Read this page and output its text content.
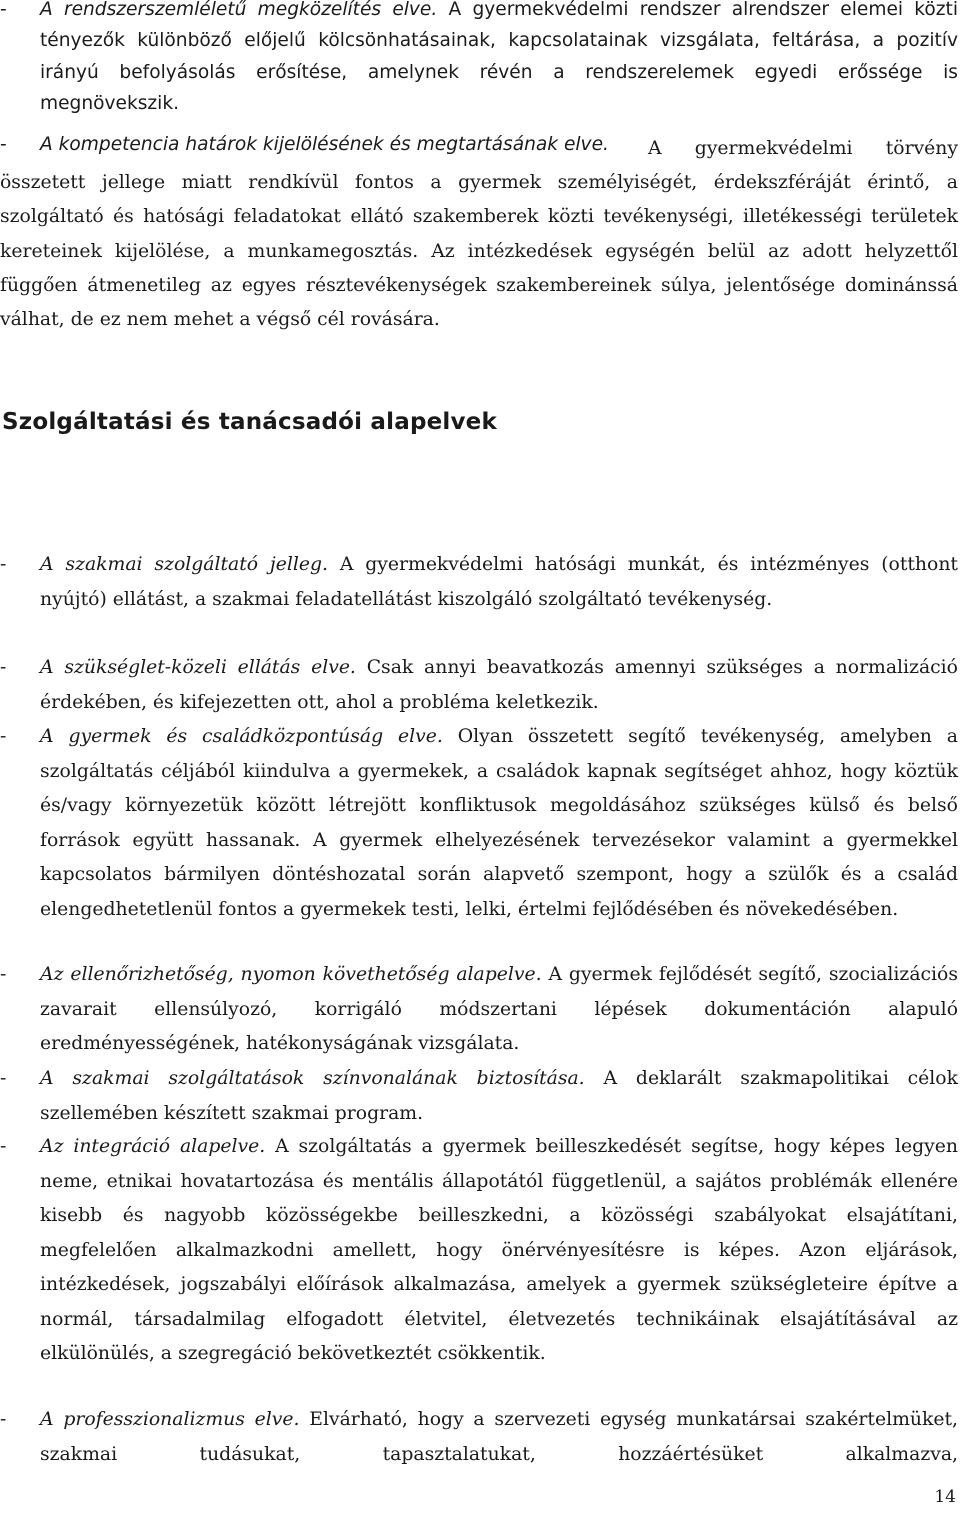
-	A rendszerszemléletű megközelítés elve. A gyermekvédelmi rendszer alrendszer elemei közti tényezők különböző előjelű kölcsönhatásainak, kapcsolatainak vizsgálata, feltárása, a pozitív irányú befolyásolás erősítése, amelynek révén a rendszerelemek egyedi erőssége is megnövekszik.

-	A kompetencia határok kijelölésének és megtartásának elve.	A gyermekvédelmi törvény összetett jellege miatt rendkívül fontos a gyermek személyiségét, érdekszféráját érintő, a szolgáltató és hatósági feladatokat ellátó szakemberek közti tevékenységi, illetékességi területek kereteinek kijelölése, a munkamegosztás. Az intézkedések egységén belül az adott helyzettől függően átmenetileg az egyes résztevékenységek szakembereinek súlya, jelentősége dominánssá válhat, de ez nem mehet a végső cél rovására.

Szolgáltatási és tanácsadói alapelvek
-	A szakmai szolgáltató jelleg. A gyermekvédelmi hatósági munkát, és intézményes (otthont nyújtó) ellátást, a szakmai feladatellátást kiszolgáló szolgáltató tevékenység.

-	A szükséglet-közeli ellátás elve. Csak annyi beavatkozás amennyi szükséges a normalizáció érdekében, és kifejezetten ott, ahol a probléma keletkezik.

-	A gyermek és családközpontúság elve. Olyan összetett segítő tevékenység, amelyben a szolgáltatás céljából kiindulva a gyermekek, a családok kapnak segítséget ahhoz, hogy köztük és/vagy környezetük között létrejött konfliktusok megoldásához szükséges külső és belső források együtt hassanak. A gyermek elhelyezésének tervezésekor valamint a gyermekkel kapcsolatos bármilyen döntéshozatal során alapvető szempont, hogy a szülők és a család elengedhetetlenül fontos a gyermekek testi, lelki, értelmi fejlődésében és növekedésében.

-	Az ellenőrizhetőség, nyomon követhetőség alapelve. A gyermek fejlődését segítő, szocializációs zavarait ellensúlyozó, korrigáló módszertani lépések dokumentáción alapuló eredményességének, hatékonyságának vizsgálata.

-	A szakmai szolgáltatások színvonalának biztosítása. A deklarált szakmapolitikai célok szellemében készített szakmai program.

-	Az integráció alapelve. A szolgáltatás a gyermek beilleszkedését segítse, hogy képes legyen neme, etnikai hovatartozása és mentális állapotától függetlenül, a sajátos problémák ellenére kisebb és nagyobb közösségekbe beilleszkedni, a közösségi szabályokat elsajátítani, megfelelően alkalmazkodni amellett, hogy önérvényesítésre is képes. Azon eljárások, intézkedések, jogszabályi előírások alkalmazása, amelyek a gyermek szükségleteire építve a normál, társadalmilag elfogadott életvitel, életvezetés technikáinak elsajátításával az elkülönülés, a szegregáció bekövetkeztét csökkentik.

-	A professzionalizmus elve. Elvárható, hogy a szervezeti egység munkatársai szakértelmüket, szakmai tudásukat, tapasztalatukat, hozzáértésüket alkalmazva,

14
